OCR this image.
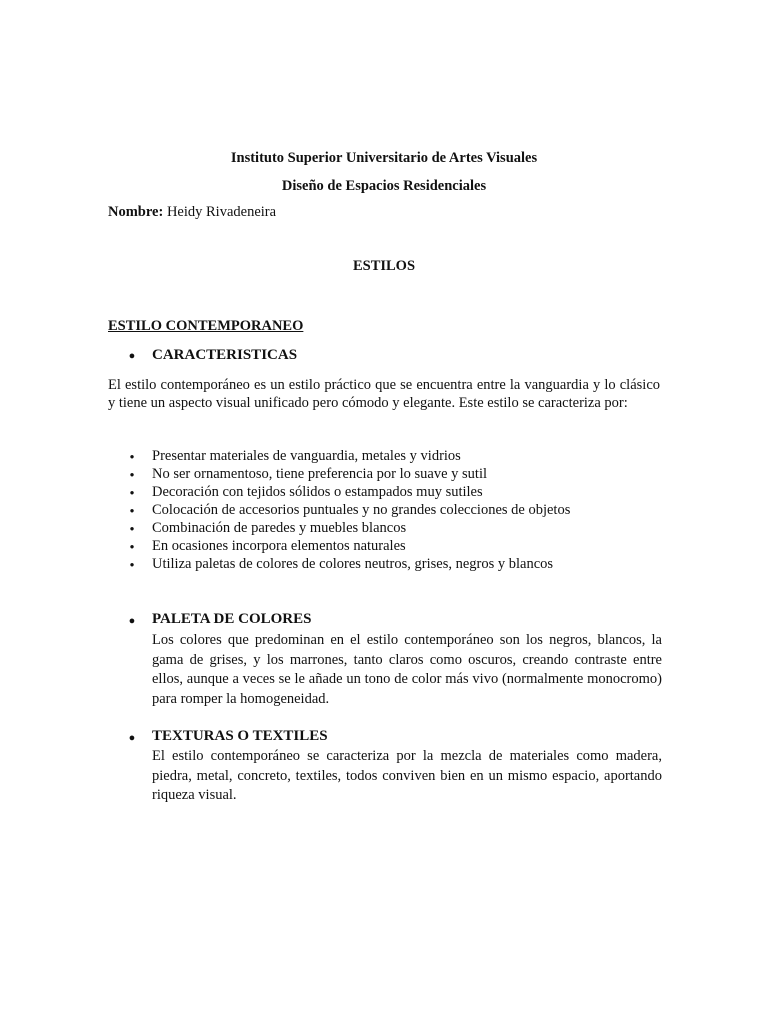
Instituto Superior Universitario de Artes Visuales
Diseño de Espacios Residenciales
Nombre: Heidy Rivadeneira
ESTILOS
ESTILO CONTEMPORANEO
● CARACTERISTICAS
El estilo contemporáneo es un estilo práctico que se encuentra entre la vanguardia y lo clásico y tiene un aspecto visual unificado pero cómodo y elegante. Este estilo se caracteriza por:
● Presentar materiales de vanguardia, metales y vidrios
● No ser ornamentoso, tiene preferencia por lo suave y sutil
● Decoración con tejidos sólidos o estampados muy sutiles
● Colocación de accesorios puntuales y no grandes colecciones de objetos
● Combinación de paredes y muebles blancos
● En ocasiones incorpora elementos naturales
● Utiliza paletas de colores de colores neutros, grises, negros y blancos
● PALETA DE COLORES
Los colores que predominan en el estilo contemporáneo son los negros, blancos, la gama de grises, y los marrones, tanto claros como oscuros, creando contraste entre ellos, aunque a veces se le añade un tono de color más vivo (normalmente monocromo) para romper la homogeneidad.
● TEXTURAS O TEXTILES
El estilo contemporáneo se caracteriza por la mezcla de materiales como madera, piedra, metal, concreto, textiles, todos conviven bien en un mismo espacio, aportando riqueza visual.
